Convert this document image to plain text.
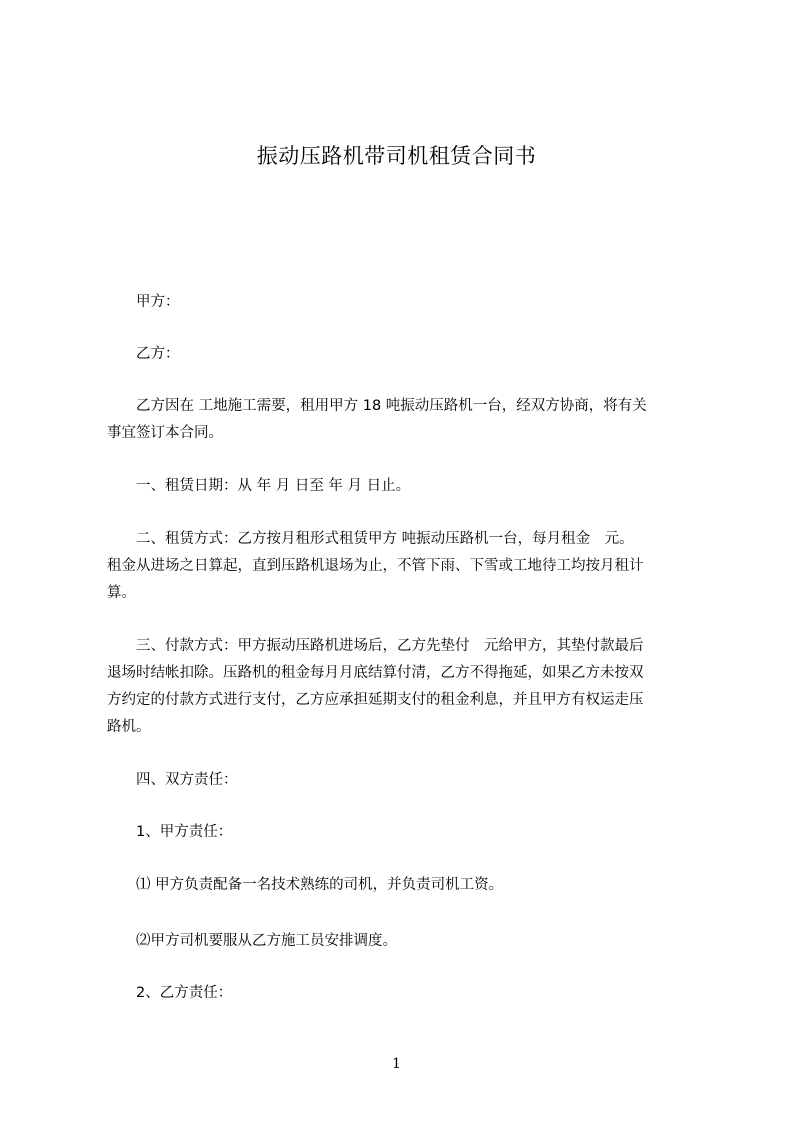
振动压路机带司机租赁合同书

甲方：

乙方：

乙方因在 工地施工需要，租用甲方 18 吨振动压路机一台，经双方协商，将有关
事宜签订本合同。

一、租赁日期：从 年 月 日至 年 月 日止。

二、租赁方式：乙方按月租形式租赁甲方 吨振动压路机一台，每月租金　元。
租金从进场之日算起，直到压路机退场为止，不管下雨、下雪或工地待工均按月租计
算。
三、付款方式：甲方振动压路机进场后，乙方先垫付　元给甲方，其垫付款最后
退场时结帐扣除。压路机的租金每月月底结算付清，乙方不得拖延，如果乙方未按双
方约定的付款方式进行支付，乙方应承担延期支付的租金利息，并且甲方有权运走压
路机。

四、双方责任：

1、甲方责任：

⑴ 甲方负责配备一名技术熟练的司机，并负责司机工资。

⑵甲方司机要服从乙方施工员安排调度。

2、乙方责任：

1
